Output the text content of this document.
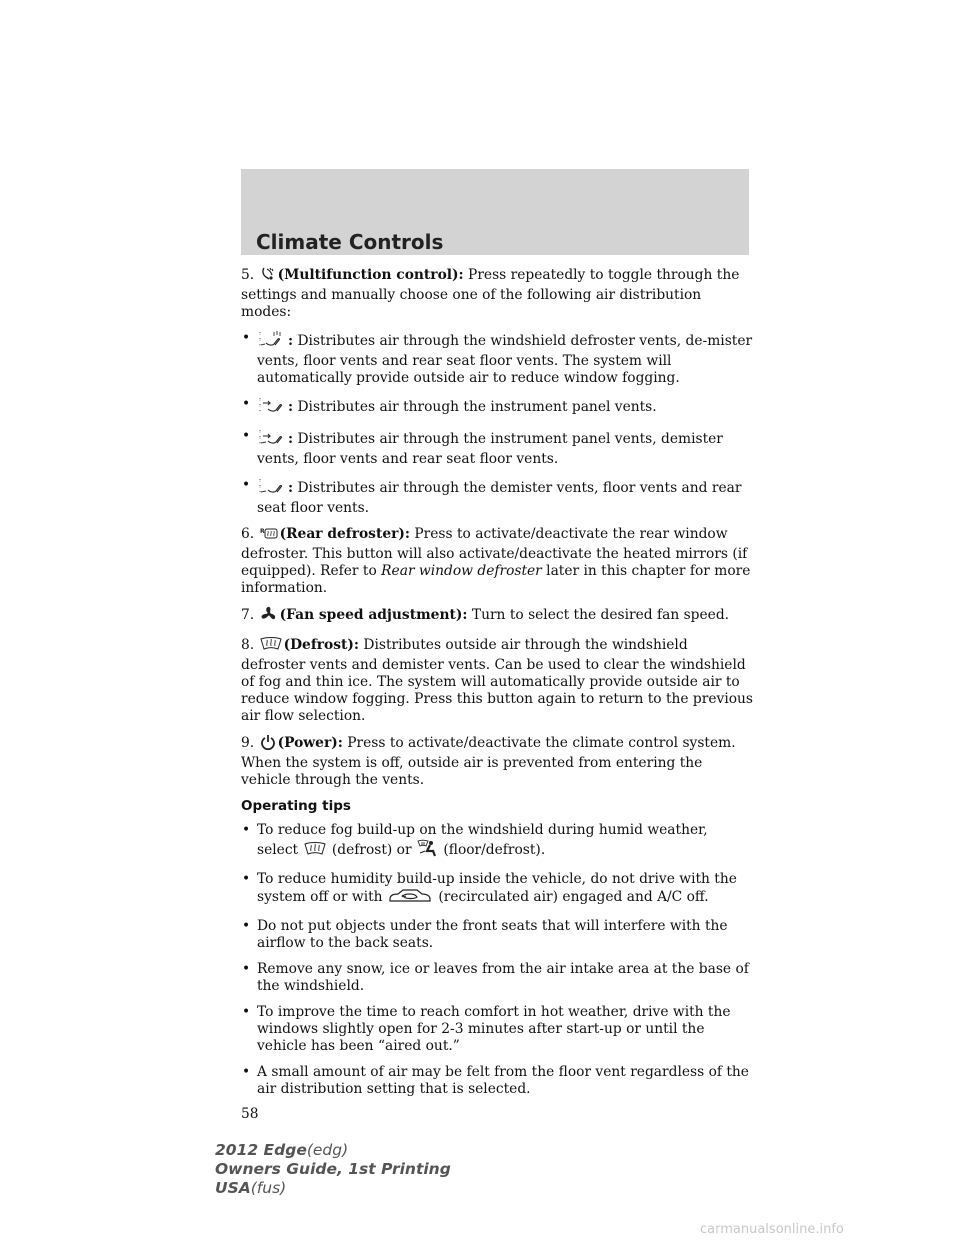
Climate Controls

5. (Multifunction control): Press repeatedly to toggle through the settings and manually choose one of the following air distribution modes:

•	: Distributes air through the windshield defroster vents, de-mister vents, floor vents and rear seat floor vents. The system will automatically provide outside air to reduce window fogging.
•	: Distributes air through the instrument panel vents.
•	: Distributes air through the instrument panel vents, demister vents, floor vents and rear seat floor vents.
•	: Distributes air through the demister vents, floor vents and rear seat floor vents.

6. R (Rear defroster): Press to activate/deactivate the rear window defroster. This button will also activate/deactivate the heated mirrors (if equipped). Refer to Rear window defroster later in this chapter for more information.

7. (Fan speed adjustment): Turn to select the desired fan speed.

8. (Defrost): Distributes outside air through the windshield defroster vents and demister vents. Can be used to clear the windshield of fog and thin ice. The system will automatically provide outside air to reduce window fogging. Press this button again to return to the previous air flow selection.

9. (Power): Press to activate/deactivate the climate control system. When the system is off, outside air is prevented from entering the vehicle through the vents.

Operating tips
• To reduce fog build-up on the windshield during humid weather, select (defrost) or (floor/defrost).
• To reduce humidity build-up inside the vehicle, do not drive with the system off or with	(recirculated air) engaged and A/C off.
• Do not put objects under the front seats that will interfere with the airflow to the back seats.
• Remove any snow, ice or leaves from the air intake area at the base of the windshield.
• To improve the time to reach comfort in hot weather, drive with the windows slightly open for 2-3 minutes after start-up or until the vehicle has been “aired out.”
• A small amount of air may be felt from the floor vent regardless of the air distribution setting that is selected.
58
2012 Edge(edg)
Owners Guide, 1st Printing
USA(fus)
carmanualsonline.info
